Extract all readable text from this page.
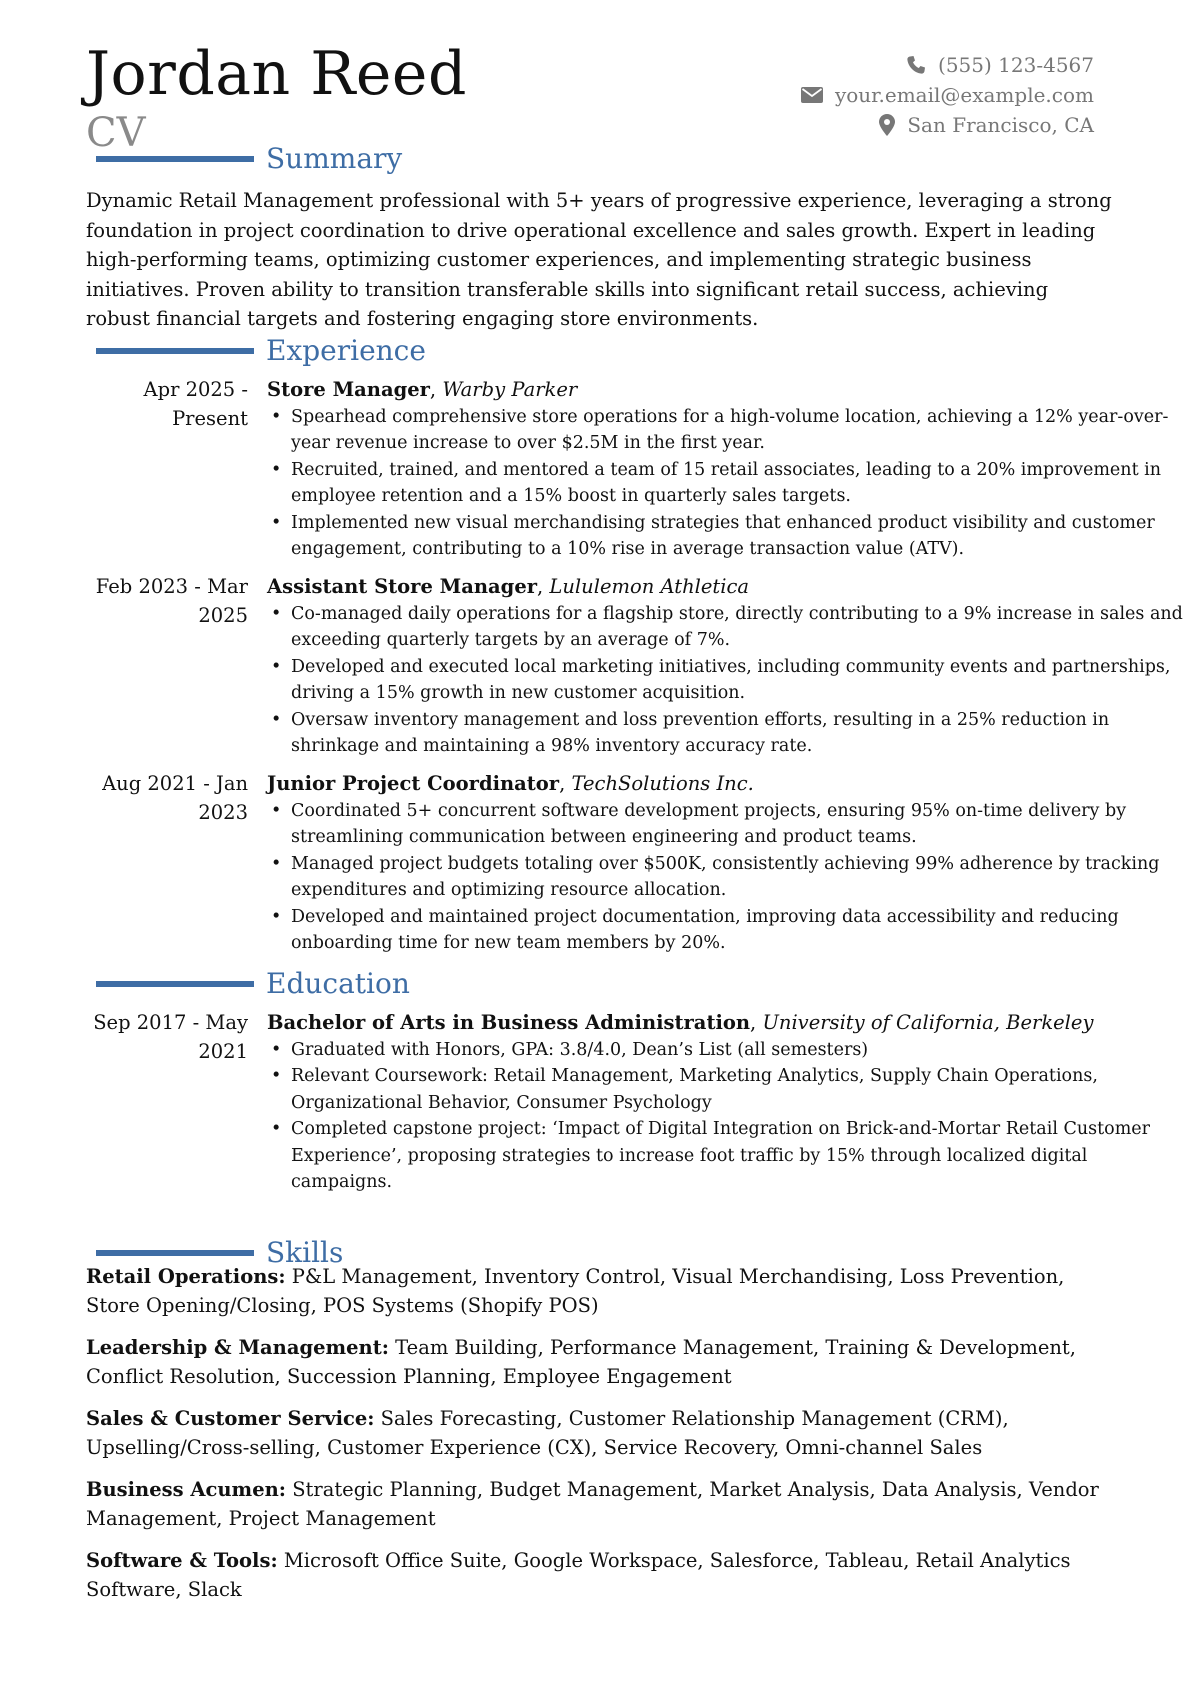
Jordan Reed
CV
(555) 123-4567
your.email@example.com
San Francisco, CA
Summary
Dynamic Retail Management professional with 5+ years of progressive experience, leveraging a strong foundation in project coordination to drive operational excellence and sales growth. Expert in leading high-performing teams, optimizing customer experiences, and implementing strategic business initiatives. Proven ability to transition transferable skills into significant retail success, achieving robust financial targets and fostering engaging store environments.
Experience
Apr 2025 - Present
Store Manager, Warby Parker
• Spearhead comprehensive store operations for a high-volume location, achieving a 12% year-over-year revenue increase to over $2.5M in the first year.
• Recruited, trained, and mentored a team of 15 retail associates, leading to a 20% improvement in employee retention and a 15% boost in quarterly sales targets.
• Implemented new visual merchandising strategies that enhanced product visibility and customer engagement, contributing to a 10% rise in average transaction value (ATV).
Feb 2023 - Mar 2025
Assistant Store Manager, Lululemon Athletica
• Co-managed daily operations for a flagship store, directly contributing to a 9% increase in sales and exceeding quarterly targets by an average of 7%.
• Developed and executed local marketing initiatives, including community events and partnerships, driving a 15% growth in new customer acquisition.
• Oversaw inventory management and loss prevention efforts, resulting in a 25% reduction in shrinkage and maintaining a 98% inventory accuracy rate.
Aug 2021 - Jan 2023
Junior Project Coordinator, TechSolutions Inc.
• Coordinated 5+ concurrent software development projects, ensuring 95% on-time delivery by streamlining communication between engineering and product teams.
• Managed project budgets totaling over $500K, consistently achieving 99% adherence by tracking expenditures and optimizing resource allocation.
• Developed and maintained project documentation, improving data accessibility and reducing onboarding time for new team members by 20%.
Education
Sep 2017 - May 2021
Bachelor of Arts in Business Administration, University of California, Berkeley
• Graduated with Honors, GPA: 3.8/4.0, Dean’s List (all semesters)
• Relevant Coursework: Retail Management, Marketing Analytics, Supply Chain Operations, Organizational Behavior, Consumer Psychology
• Completed capstone project: ‘Impact of Digital Integration on Brick-and-Mortar Retail Customer Experience’, proposing strategies to increase foot traffic by 15% through localized digital campaigns.
Skills
Retail Operations: P&L Management, Inventory Control, Visual Merchandising, Loss Prevention, Store Opening/Closing, POS Systems (Shopify POS)
Leadership & Management: Team Building, Performance Management, Training & Development, Conflict Resolution, Succession Planning, Employee Engagement
Sales & Customer Service: Sales Forecasting, Customer Relationship Management (CRM), Upselling/Cross-selling, Customer Experience (CX), Service Recovery, Omni-channel Sales
Business Acumen: Strategic Planning, Budget Management, Market Analysis, Data Analysis, Vendor Management, Project Management
Software & Tools: Microsoft Office Suite, Google Workspace, Salesforce, Tableau, Retail Analytics Software, Slack
